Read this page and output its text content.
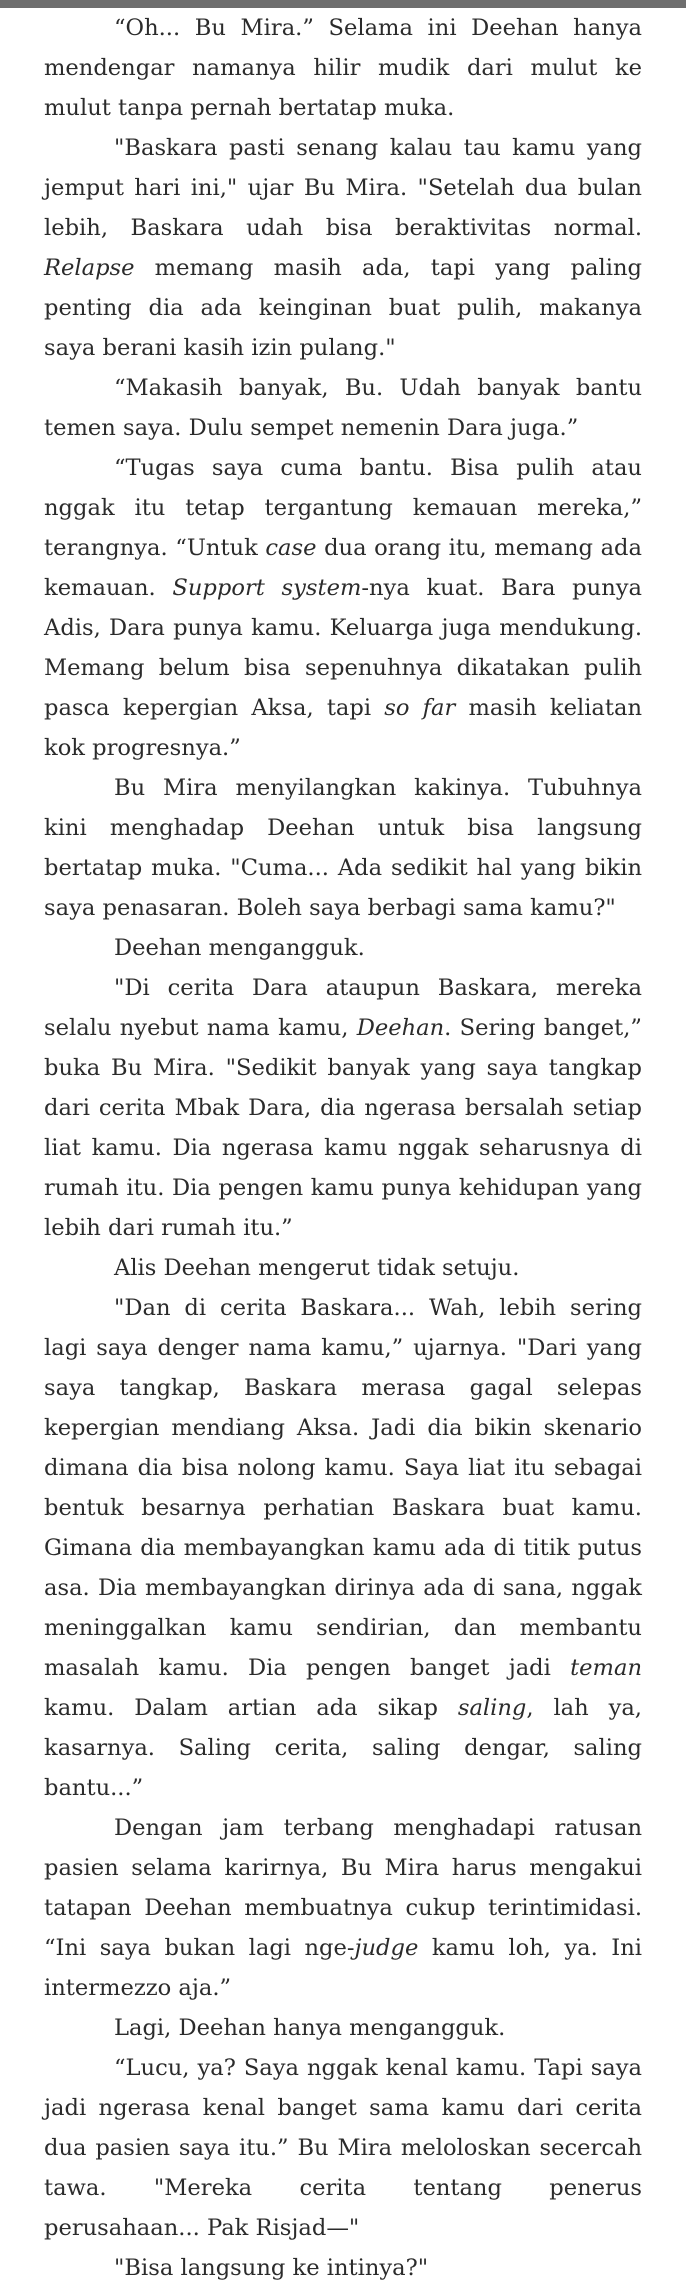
“Oh... Bu Mira.” Selama ini Deehan hanya mendengar namanya hilir mudik dari mulut ke mulut tanpa pernah bertatap muka.

"Baskara pasti senang kalau tau kamu yang jemput hari ini," ujar Bu Mira. "Setelah dua bulan lebih, Baskara udah bisa beraktivitas normal. Relapse memang masih ada, tapi yang paling penting dia ada keinginan buat pulih, makanya saya berani kasih izin pulang."

“Makasih banyak, Bu. Udah banyak bantu temen saya. Dulu sempet nemenin Dara juga.”

“Tugas saya cuma bantu. Bisa pulih atau nggak itu tetap tergantung kemauan mereka,” terangnya. “Untuk case dua orang itu, memang ada kemauan. Support system-nya kuat. Bara punya Adis, Dara punya kamu. Keluarga juga mendukung. Memang belum bisa sepenuhnya dikatakan pulih pasca kepergian Aksa, tapi so far masih keliatan kok progresnya.”

Bu Mira menyilangkan kakinya. Tubuhnya kini menghadap Deehan untuk bisa langsung bertatap muka. "Cuma... Ada sedikit hal yang bikin saya penasaran. Boleh saya berbagi sama kamu?"

Deehan mengangguk.

"Di cerita Dara ataupun Baskara, mereka selalu nyebut nama kamu, Deehan. Sering banget,” buka Bu Mira. "Sedikit banyak yang saya tangkap dari cerita Mbak Dara, dia ngerasa bersalah setiap liat kamu. Dia ngerasa kamu nggak seharusnya di rumah itu. Dia pengen kamu punya kehidupan yang lebih dari rumah itu.”

Alis Deehan mengerut tidak setuju.

"Dan di cerita Baskara... Wah, lebih sering lagi saya denger nama kamu,” ujarnya. "Dari yang saya tangkap, Baskara merasa gagal selepas kepergian mendiang Aksa. Jadi dia bikin skenario dimana dia bisa nolong kamu. Saya liat itu sebagai bentuk besarnya perhatian Baskara buat kamu. Gimana dia membayangkan kamu ada di titik putus asa. Dia membayangkan dirinya ada di sana, nggak meninggalkan kamu sendirian, dan membantu masalah kamu. Dia pengen banget jadi teman kamu. Dalam artian ada sikap saling, lah ya, kasarnya. Saling cerita, saling dengar, saling bantu...”

Dengan jam terbang menghadapi ratusan pasien selama karirnya, Bu Mira harus mengakui tatapan Deehan membuatnya cukup terintimidasi. “Ini saya bukan lagi nge-judge kamu loh, ya. Ini intermezzo aja.”

Lagi, Deehan hanya mengangguk.

“Lucu, ya? Saya nggak kenal kamu. Tapi saya jadi ngerasa kenal banget sama kamu dari cerita dua pasien saya itu.” Bu Mira meloloskan secercah tawa. "Mereka cerita tentang penerus perusahaan... Pak Risjad—"

"Bisa langsung ke intinya?"
